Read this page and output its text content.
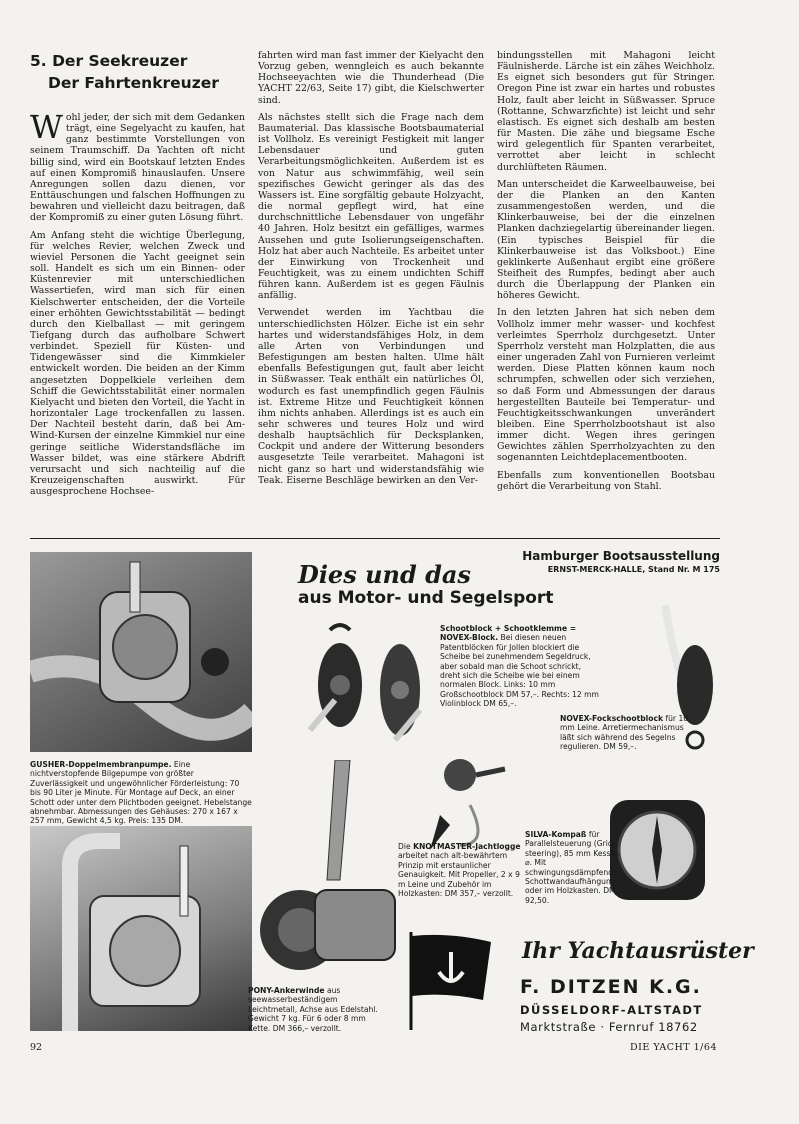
5. Der Seekreuzer

Der Fahrtenkreuzer

Wohl jeder, der sich mit dem Gedanken trägt, eine Segelyacht zu kaufen, hat ganz bestimmte Vorstellungen von seinem Traumschiff. Da Yachten oft nicht billig sind, wird ein Bootskauf letzten Endes auf einen Kompromiß hinauslaufen. Unsere Anregungen sollen dazu dienen, vor Enttäuschungen und falschen Hoffnungen zu bewahren und vielleicht dazu beitragen, daß der Kompromiß zu einer guten Lösung führt.

Am Anfang steht die wichtige Überlegung, für welches Revier, welchen Zweck und wieviel Personen die Yacht geeignet sein soll. Handelt es sich um ein Binnen- oder Küstenrevier mit unterschiedlichen Wassertiefen, wird man sich für einen Kielschwerter entscheiden, der die Vorteile einer erhöhten Gewichtsstabilität — bedingt durch den Kielballast — mit geringem Tiefgang durch das aufholbare Schwert verbindet. Speziell für Küsten- und Tidengewässer sind die Kimmkieler entwickelt worden. Die beiden an der Kimm angesetzten Doppelkiele verleihen dem Schiff die Gewichtsstabilität einer normalen Kielyacht und bieten den Vorteil, die Yacht in horizontaler Lage trockenfallen zu lassen. Der Nachteil besteht darin, daß bei Am-Wind-Kursen der einzelne Kimmkiel nur eine geringe seitliche Widerstandsfläche im Wasser bildet, was eine stärkere Abdrift verursacht und sich nachteilig auf die Kreuzeigenschaften auswirkt. Für ausgesprochene Hochsee-

fahrten wird man fast immer der Kielyacht den Vorzug geben, wenngleich es auch bekannte Hochseeyachten wie die Thunderhead (Die YACHT 22/63, Seite 17) gibt, die Kielschwerter sind.

Als nächstes stellt sich die Frage nach dem Baumaterial. Das klassische Bootsbaumaterial ist Vollholz. Es vereinigt Festigkeit mit langer Lebensdauer und guten Verarbeitungsmöglichkeiten. Außerdem ist es von Natur aus schwimmfähig, weil sein spezifisches Gewicht geringer als das des Wassers ist. Eine sorgfältig gebaute Holzyacht, die normal gepflegt wird, hat eine durchschnittliche Lebensdauer von ungefähr 40 Jahren. Holz besitzt ein gefälliges, warmes Aussehen und gute Isolierungseigenschaften. Holz hat aber auch Nachteile. Es arbeitet unter der Einwirkung von Trockenheit und Feuchtigkeit, was zu einem undichten Schiff führen kann. Außerdem ist es gegen Fäulnis anfällig.

Verwendet werden im Yachtbau die unterschiedlichsten Hölzer. Eiche ist ein sehr hartes und widerstandsfähiges Holz, in dem alle Arten von Verbindungen und Befestigungen am besten halten. Ulme hält ebenfalls Befestigungen gut, fault aber leicht in Süßwasser. Teak enthält ein natürliches Öl, wodurch es fast unempfindlich gegen Fäulnis ist. Extreme Hitze und Feuchtigkeit können ihm nichts anhaben. Allerdings ist es auch ein sehr schweres und teures Holz und wird deshalb hauptsächlich für Decksplanken, Cockpit und andere der Witterung besonders ausgesetzte Teile verarbeitet. Mahagoni ist nicht ganz so hart und widerstandsfähig wie Teak. Eiserne Beschläge bewirken an den Ver-

bindungsstellen mit Mahagoni leicht Fäulnisherde. Lärche ist ein zähes Weichholz. Es eignet sich besonders gut für Stringer. Oregon Pine ist zwar ein hartes und robustes Holz, fault aber leicht in Süßwasser. Spruce (Rottanne, Schwarzfichte) ist leicht und sehr elastisch. Es eignet sich deshalb am besten für Masten. Die zähe und biegsame Esche wird gelegentlich für Spanten verarbeitet, verrottet aber leicht in schlecht durchlüfteten Räumen.

Man unterscheidet die Karweelbauweise, bei der die Planken an den Kanten zusammengestoßen werden, und die Klinkerbauweise, bei der die einzelnen Planken dachziegelartig übereinander liegen. (Ein typisches Beispiel für die Klinkerbauweise ist das Volksboot.) Eine geklinkerte Außenhaut ergibt eine größere Steifheit des Rumpfes, bedingt aber auch durch die Überlappung der Planken ein höheres Gewicht.

In den letzten Jahren hat sich neben dem Vollholz immer mehr wasser- und kochfest verleimtes Sperrholz durchgesetzt. Unter Sperrholz versteht man Holzplatten, die aus einer ungeraden Zahl von Furnieren verleimt werden. Diese Platten können kaum noch schrumpfen, schwellen oder sich verziehen, so daß Form und Abmessungen der daraus hergestellten Bauteile bei Temperatur- und Feuchtigkeitsschwankungen unverändert bleiben. Eine Sperrholzbootshaut ist also immer dicht. Wegen ihres geringen Gewichtes zählen Sperrholzyachten zu den sogenannten Leichtdeplacementbooten.

Ebenfalls zum konventionellen Bootsbau gehört die Verarbeitung von Stahl.

GUSHER-Doppelmembranpumpe. Eine nichtverstopfende Bilgepumpe von größter Zuverlässigkeit und ungewöhnlicher Förderleistung: 70 bis 90 Liter je Minute. Für Montage auf Deck, an einer Schott oder unter dem Plichtboden geeignet. Hebelstange abnehmbar. Abmessungen des Gehäuses: 270 x 167 x 257 mm, Gewicht 4,5 kg. Preis: 135 DM.
Hamburger Bootsausstellung
ERNST-MERCK-HALLE, Stand Nr. M 175
Dies und das
aus Motor- und Segelsport
Schootblock + Schootklemme = NOVEX-Block. Bei diesen neuen Patentblöcken für Jollen blockiert die Scheibe bei zunehmendem Segeldruck, aber sobald man die Schoot schrickt, dreht sich die Scheibe wie bei einem normalen Block. Links: 10 mm Großschootblock DM 57,–. Rechts: 12 mm Violinblock DM 65,–.
NOVEX-Fockschootblock für 10 mm Leine. Arretiermechanismus läßt sich während des Segelns regulieren. DM 59,–.
Die KNOTMASTER-Jachtlogge arbeitet nach alt-bewährtem Prinzip mit erstaunlicher Genauigkeit. Mit Propeller, 2 x 9 m Leine und Zubehör im Holzkasten: DM 357,– verzollt.
SILVA-Kompaß für Parallelsteuerung (Grid-steering), 85 mm Kessel-⌀. Mit schwingungsdämpfender Schottwandaufhängung oder im Holzkasten. DM 92,50.
PONY-Ankerwinde aus seewasserbeständigem Leichtmetall, Achse aus Edelstahl. Gewicht 7 kg. Für 6 oder 8 mm Kette. DM 366,– verzollt.
Ihr Yachtausrüster
F. DITZEN K.G.
DÜSSELDORF-ALTSTADT
Marktstraße · Fernruf 18762
92	DIE YACHT 1/64
